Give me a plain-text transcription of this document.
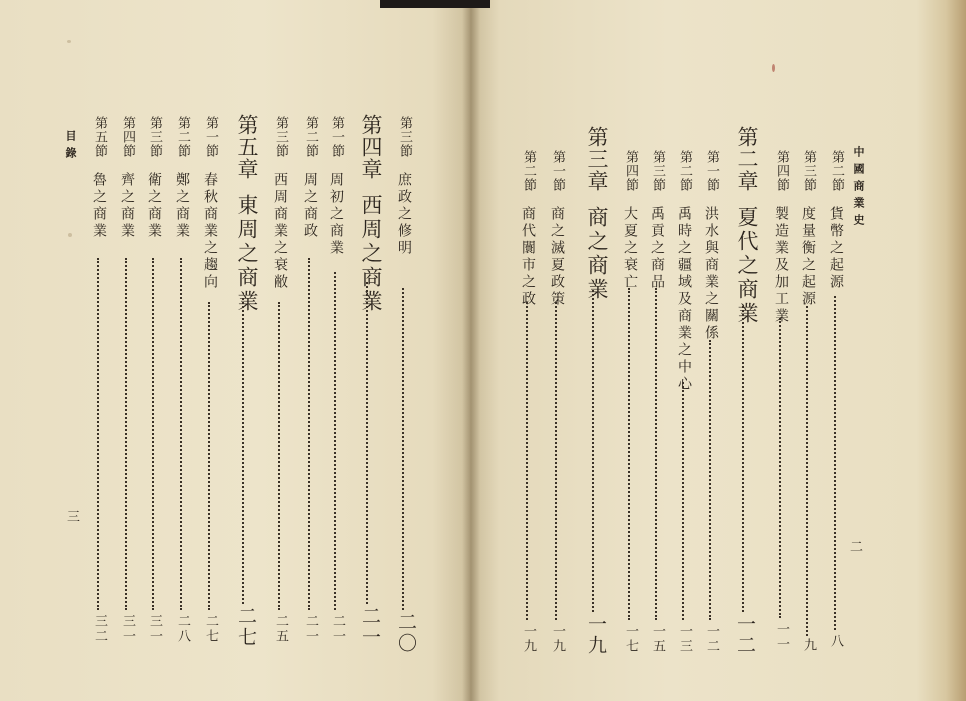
目錄
三
中國商業史
二
第三節庶政之修明
第四章西周之商業
第一節周初之商業
第二節周之商政
第三節西周商業之衰敝
第五章東周之商業
第一節春秋商業之趨向
第二節鄭之商業
第三節衛之商業
第四節齊之商業
第五節魯之商業
二〇
二一
二一
二一
二五
二七
二七
二八
三一
三一
三二
第二節貨幣之起源
第三節度量衡之起源
第四節製造業及加工業
第二章夏代之商業
第一節洪水與商業之關係
第二節禹時之疆域及商業之中心
第三節禹貢之商品
第四節大夏之衰亡
第三章商之商業
第一節商之滅夏政策
第二節商代闤市之政
八
九
一一
一二
一二
一三
一五
一七
一九
一九
一九
